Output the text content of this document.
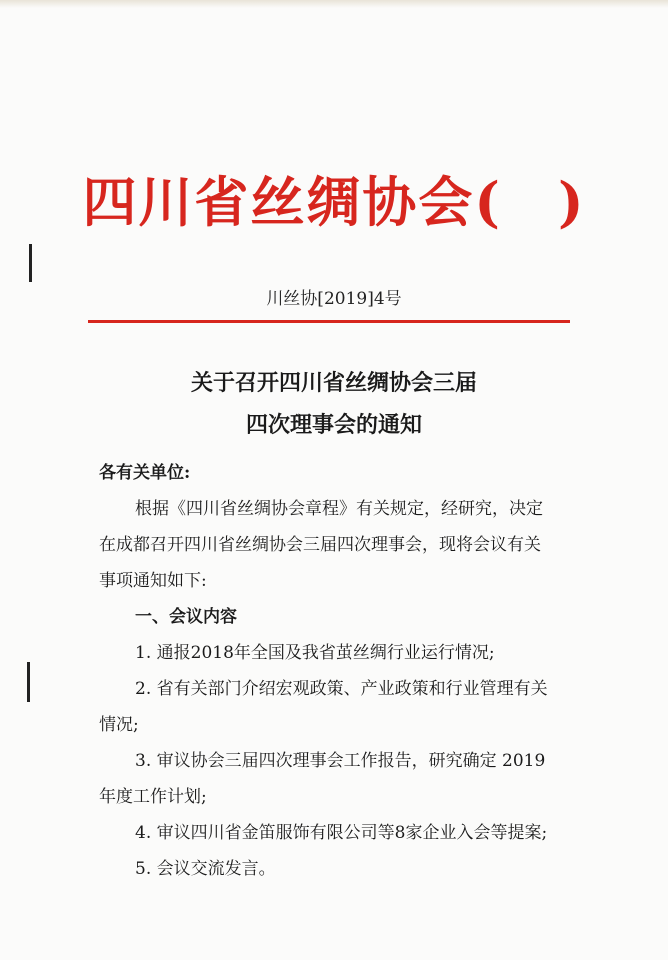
四川省丝绸协会(　)
川丝协[2019]4号
关于召开四川省丝绸协会三届
四次理事会的通知
各有关单位:
根据《四川省丝绸协会章程》有关规定，经研究，决定
在成都召开四川省丝绸协会三届四次理事会，现将会议有关
事项通知如下:
一、会议内容
1. 通报2018年全国及我省茧丝绸行业运行情况;
2. 省有关部门介绍宏观政策、产业政策和行业管理有关
情况;
3. 审议协会三届四次理事会工作报告，研究确定 2019
年度工作计划;
4. 审议四川省金笛服饰有限公司等8家企业入会等提案;
5. 会议交流发言。
